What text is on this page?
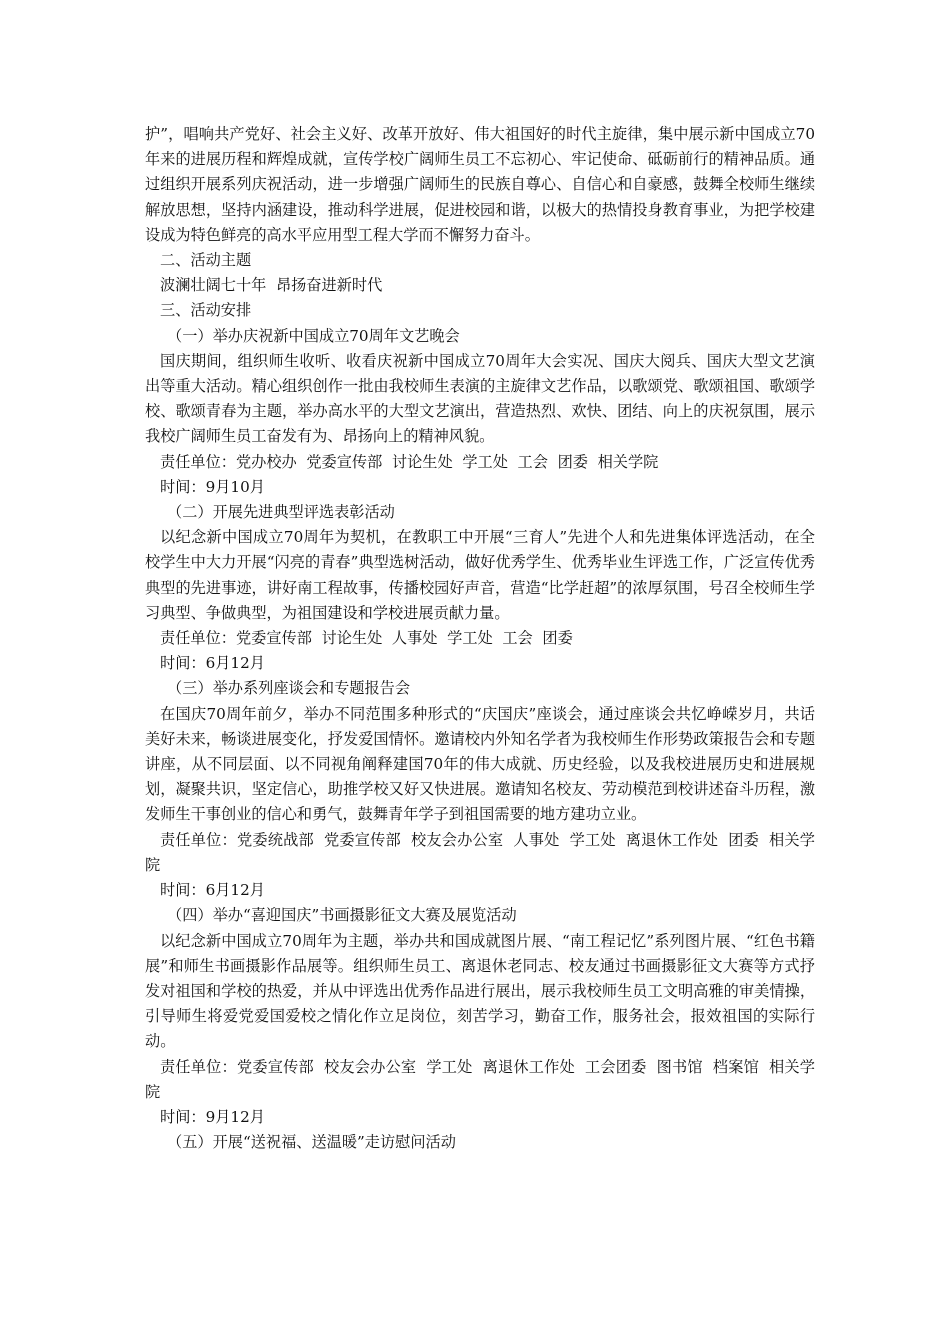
护”，唱响共产党好、社会主义好、改革开放好、伟大祖国好的时代主旋律，集中展示新中国成立70年来的进展历程和辉煌成就，宣传学校广阔师生员工不忘初心、牢记使命、砥砺前行的精神品质。通过组织开展系列庆祝活动，进一步增强广阔师生的民族自尊心、自信心和自豪感，鼓舞全校师生继续解放思想，坚持内涵建设，推动科学进展，促进校园和谐，以极大的热情投身教育事业，为把学校建设成为特色鲜亮的高水平应用型工程大学而不懈努力奋斗。

二、活动主题

波澜壮阔七十年  昂扬奋进新时代

三、活动安排

（一）举办庆祝新中国成立70周年文艺晚会

国庆期间，组织师生收听、收看庆祝新中国成立70周年大会实况、国庆大阅兵、国庆大型文艺演出等重大活动。精心组织创作一批由我校师生表演的主旋律文艺作品，以歌颂党、歌颂祖国、歌颂学校、歌颂青春为主题，举办高水平的大型文艺演出，营造热烈、欢快、团结、向上的庆祝氛围，展示我校广阔师生员工奋发有为、昂扬向上的精神风貌。

责任单位：党办校办  党委宣传部  讨论生处  学工处  工会  团委  相关学院

时间：9月10月

（二）开展先进典型评选表彰活动

以纪念新中国成立70周年为契机，在教职工中开展“三育人”先进个人和先进集体评选活动，在全校学生中大力开展“闪亮的青春”典型选树活动，做好优秀学生、优秀毕业生评选工作，广泛宣传优秀典型的先进事迹，讲好南工程故事，传播校园好声音，营造“比学赶超”的浓厚氛围，号召全校师生学习典型、争做典型，为祖国建设和学校进展贡献力量。

责任单位：党委宣传部  讨论生处  人事处  学工处  工会  团委

时间：6月12月

（三）举办系列座谈会和专题报告会

在国庆70周年前夕，举办不同范围多种形式的“庆国庆”座谈会，通过座谈会共忆峥嵘岁月，共话美好未来，畅谈进展变化，抒发爱国情怀。邀请校内外知名学者为我校师生作形势政策报告会和专题讲座，从不同层面、以不同视角阐释建国70年的伟大成就、历史经验，以及我校进展历史和进展规划，凝聚共识，坚定信心，助推学校又好又快进展。邀请知名校友、劳动模范到校讲述奋斗历程，激发师生干事创业的信心和勇气，鼓舞青年学子到祖国需要的地方建功立业。

责任单位：党委统战部  党委宣传部  校友会办公室  人事处  学工处  离退休工作处  团委  相关学院

时间：6月12月

（四）举办“喜迎国庆”书画摄影征文大赛及展览活动

以纪念新中国成立70周年为主题，举办共和国成就图片展、“南工程记忆”系列图片展、“红色书籍展”和师生书画摄影作品展等。组织师生员工、离退休老同志、校友通过书画摄影征文大赛等方式抒发对祖国和学校的热爱，并从中评选出优秀作品进行展出，展示我校师生员工文明高雅的审美情操，引导师生将爱党爱国爱校之情化作立足岗位，刻苦学习，勤奋工作，服务社会，报效祖国的实际行动。

责任单位：党委宣传部  校友会办公室  学工处  离退休工作处  工会团委  图书馆  档案馆  相关学院

时间：9月12月

（五）开展“送祝福、送温暖”走访慰问活动
